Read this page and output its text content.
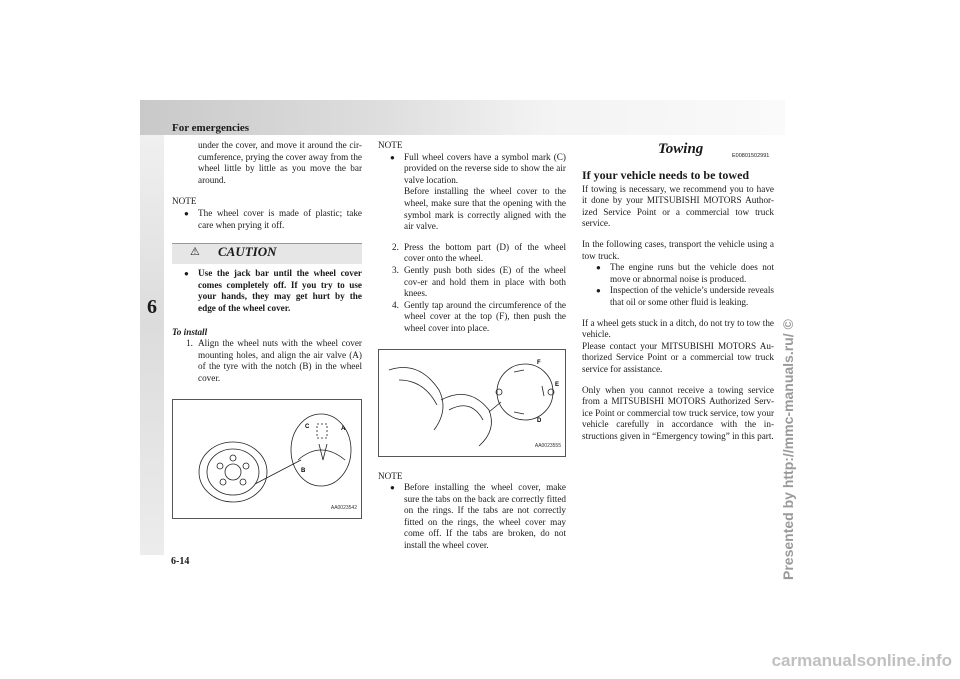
For emergencies
6
6-14

under the cover, and move it around the cir-cumference, prying the cover away from the wheel little by little as you move the bar around.

NOTE

● The wheel cover is made of plastic; take care when prying it off.
⚠ CAUTION
● Use the jack bar until the wheel cover comes completely off. If you try to use your hands, they may get hurt by the edge of the wheel cover.

To install

1. Align the wheel nuts with the wheel cover mounting holes, and align the air valve (A) of the tyre with the notch (B) in the wheel cover.
C	A
B
AA0023542

NOTE

● Full wheel covers have a symbol mark (C) provided on the reverse side to show the air valve location.
Before installing the wheel cover to the wheel, make sure that the opening with the symbol mark is correctly aligned with the air valve.
2. Press the bottom part (D) of the wheel cover onto the wheel.
3. Gently push both sides (E) of the wheel cov-er and hold them in place with both knees.
4. Gently tap around the circumference of the wheel cover at the top (F), then push the wheel cover into place.
F
E
D
AA0023555

NOTE

● Before installing the wheel cover, make sure the tabs on the back are correctly fitted on the rings. If the tabs are not correctly fitted on the rings, the wheel cover may come off. If the tabs are broken, do not install the wheel cover.
Towing	E00801502991

If your vehicle needs to be towed

If towing is necessary, we recommend you to have it done by your MITSUBISHI MOTORS Author-ized Service Point or a commercial tow truck service.

In the following cases, transport the vehicle using a tow truck.

● The engine runs but the vehicle does not move or abnormal noise is produced.
● Inspection of the vehicle’s underside reveals that oil or some other fluid is leaking.

If a wheel gets stuck in a ditch, do not try to tow the vehicle.

Please contact your MITSUBISHI MOTORS Au-thorized Service Point or a commercial tow truck service for assistance.

Only when you cannot receive a towing service from a MITSUBISHI MOTORS Authorized Serv-ice Point or commercial tow truck service, tow your vehicle carefully in accordance with the in-structions given in “Emergency towing” in this part. Presented by http://mmc-manuals.ru/ ©
carmanualsonline.info
